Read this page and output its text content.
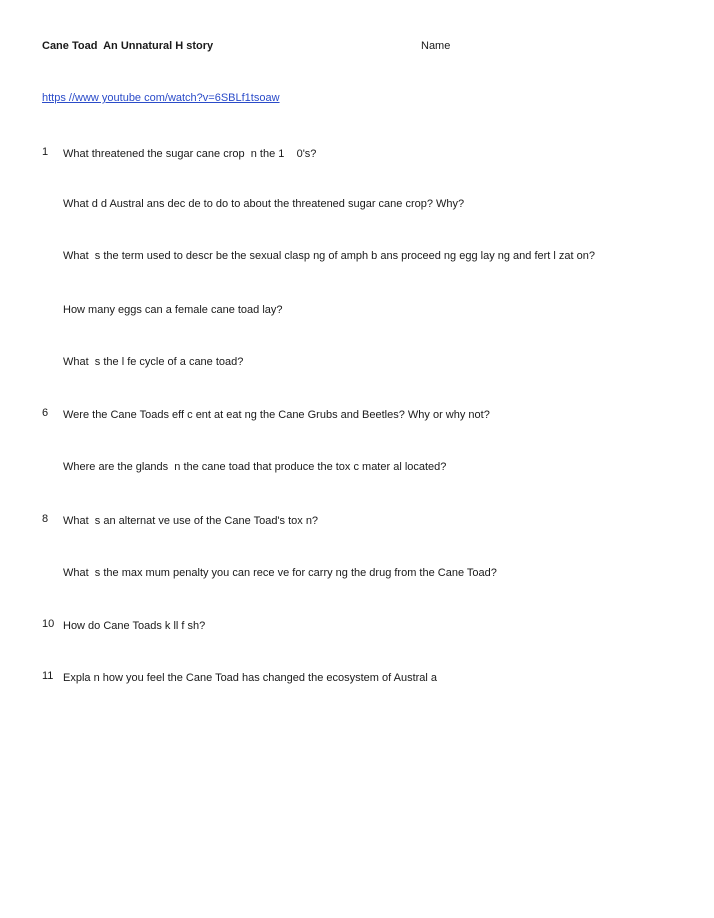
Cane Toad  An Unnatural H story	Name
https //www youtube com/watch?v=6SBLf1tsoaw
1 What threatened the sugar cane crop  n the 1    0's?
What d d Austral ans dec de to do to about the threatened sugar cane crop? Why?
What  s the term used to descr be the sexual clasp ng of amph b ans proceed ng egg lay ng and fert l zat on?
How many eggs can a female cane toad lay?
What  s the l fe cycle of a cane toad?
6 Were the Cane Toads eff c ent at eat ng the Cane Grubs and Beetles? Why or why not?
Where are the glands  n the cane toad that produce the tox c mater al located?
8 What  s an alternat ve use of the Cane Toad's tox n?
What  s the max mum penalty you can rece ve for carry ng the drug from the Cane Toad?
10 How do Cane Toads k ll f sh?
11 Expla n how you feel the Cane Toad has changed the ecosystem of Austral a
